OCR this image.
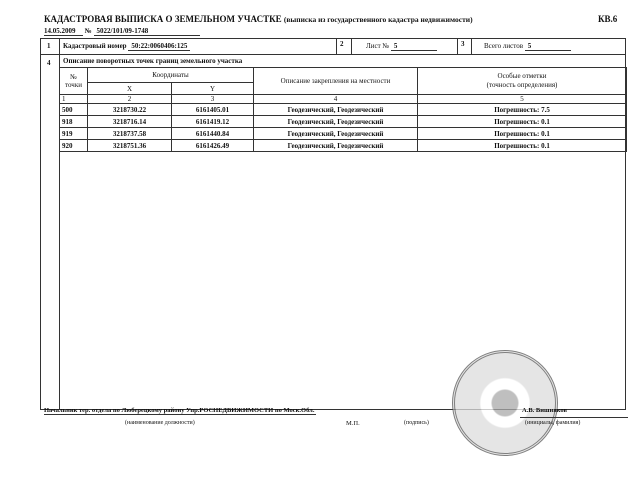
КАДАСТРОВАЯ ВЫПИСКА О ЗЕМЕЛЬНОМ УЧАСТКЕ (выписка из государственного кадастра недвижимости)	КВ.6
14.05.2009 № 5022/101/09-1748
1
4
Кадастровый номер 50:22:0060406:125	2	Лист № 5	3	Всего листов 5
Описание поворотных точек границ земельного участка
№ точки	Координаты		Описание закрепления на местности	Особые отметки
(точность определения)
	X	Y		
1	2	3	4	5
500	3218730.22	6161405.01	Геодезический, Геодезический	Погрешность: 7.5
918	3218716.14	6161419.12	Геодезический, Геодезический	Погрешность: 0.1
919	3218737.58	6161440.84	Геодезический, Геодезический	Погрешность: 0.1
920	3218751.36	6161426.49	Геодезический, Геодезический	Погрешность: 0.1
Начальник тер. отдела по Люберецкому району Упр.РОСНЕДВИЖИМОСТИ по Моск.Обл.
(наименование должности)	М.П.	(подпись)
А.В. Вишняков
(инициалы, фамилия)
